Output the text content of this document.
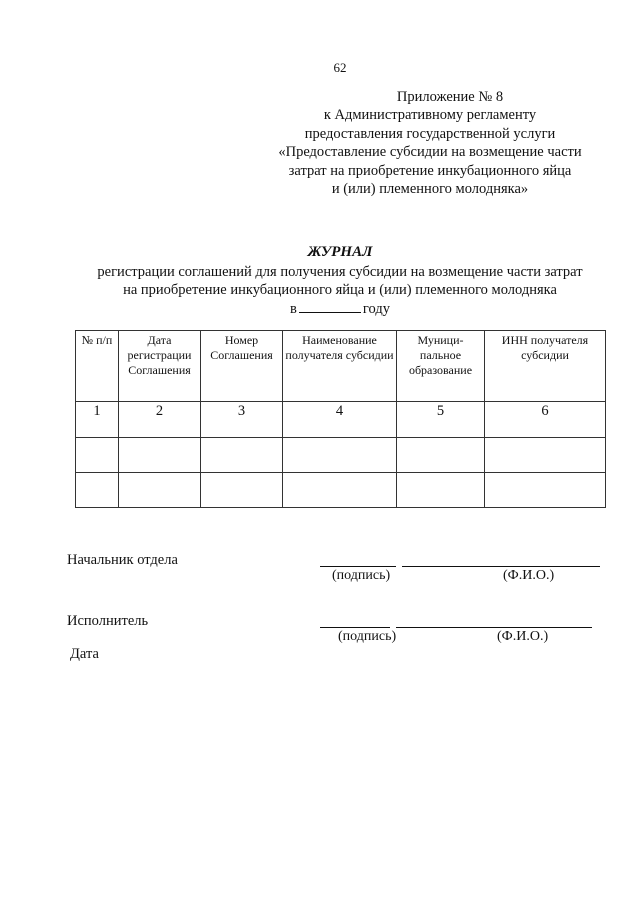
62
Приложение № 8
к Административному регламенту
предоставления государственной услуги
«Предоставление субсидии на возмещение части
затрат на приобретение инкубационного яйца
и (или) племенного молодняка»
ЖУРНАЛ
регистрации соглашений для получения субсидии на возмещение части затрат
на приобретение инкубационного яйца и (или) племенного молодняка
в	году
№ п/п	Дата регистрации Соглашения	Номер Соглашения	Наименование получателя субсидии	Муници-пальное образование	ИНН получателя субсидии
1	2	3	4	5	6

Начальник отдела
(подпись)	(Ф.И.О.)
Исполнитель
(подпись)	(Ф.И.О.)
Дата
